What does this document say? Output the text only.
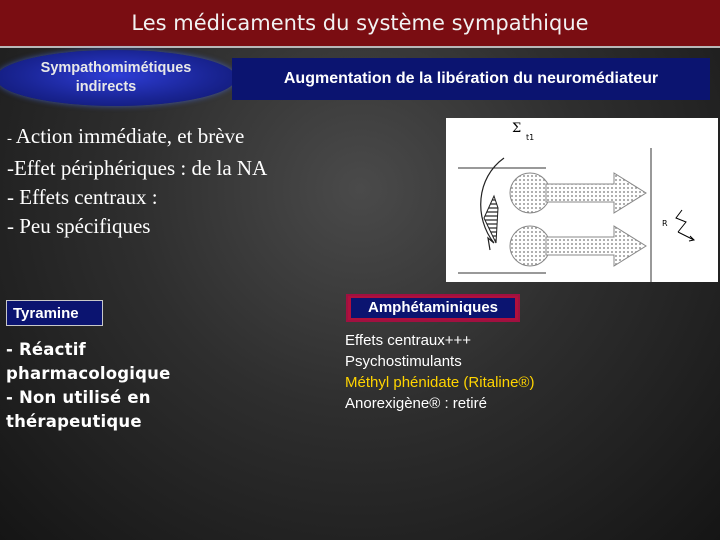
Les médicaments du système sympathique
Sympathomimétiques
indirects	Augmentation de la libération du neuromédiateur
- Action immédiate, et brève
-Effet périphériques : de la NA
- Effets centraux :
- Peu spécifiques
Σ
t1
R
Tyramine	Amphétaminiques
- Réactif
pharmacologique
- Non utilisé en
thérapeutique
Effets centraux+++
Psychostimulants
Méthyl phénidate (Ritaline®)
Anorexigène® : retiré
